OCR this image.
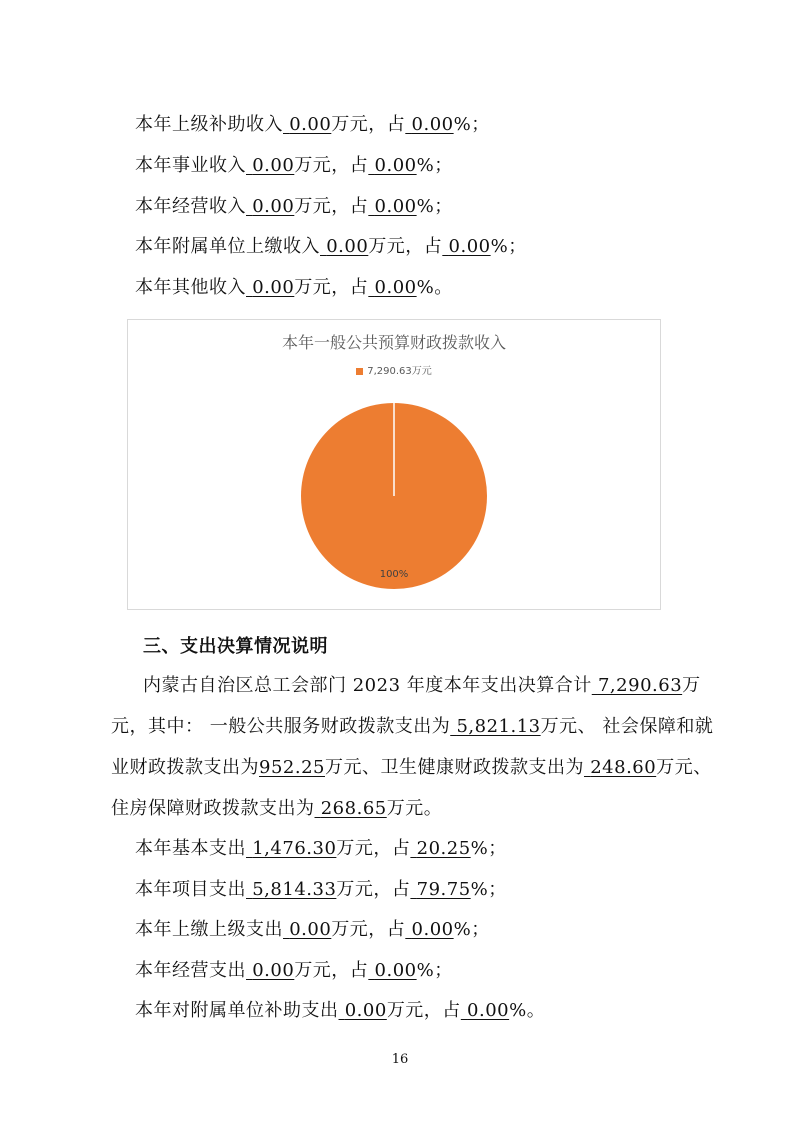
本年上级补助收入 0.00万元，占 0.00%；
本年事业收入 0.00万元，占 0.00%；
本年经营收入 0.00万元，占 0.00%；
本年附属单位上缴收入 0.00万元，占 0.00%；
本年其他收入 0.00万元，占 0.00%。
本年一般公共预算财政拨款收入
7,290.63万元
100%
三、支出决算情况说明
内蒙古自治区总工会部门 2023 年度本年支出决算合计 7,290.63万
元，其中： 一般公共服务财政拨款支出为 5,821.13万元、 社会保障和就
业财政拨款支出为952.25万元、卫生健康财政拨款支出为 248.60万元、
住房保障财政拨款支出为 268.65万元。
本年基本支出 1,476.30万元，占 20.25%；
本年项目支出 5,814.33万元，占 79.75%；
本年上缴上级支出 0.00万元，占 0.00%；
本年经营支出 0.00万元，占 0.00%；
本年对附属单位补助支出 0.00万元，占 0.00%。
16
